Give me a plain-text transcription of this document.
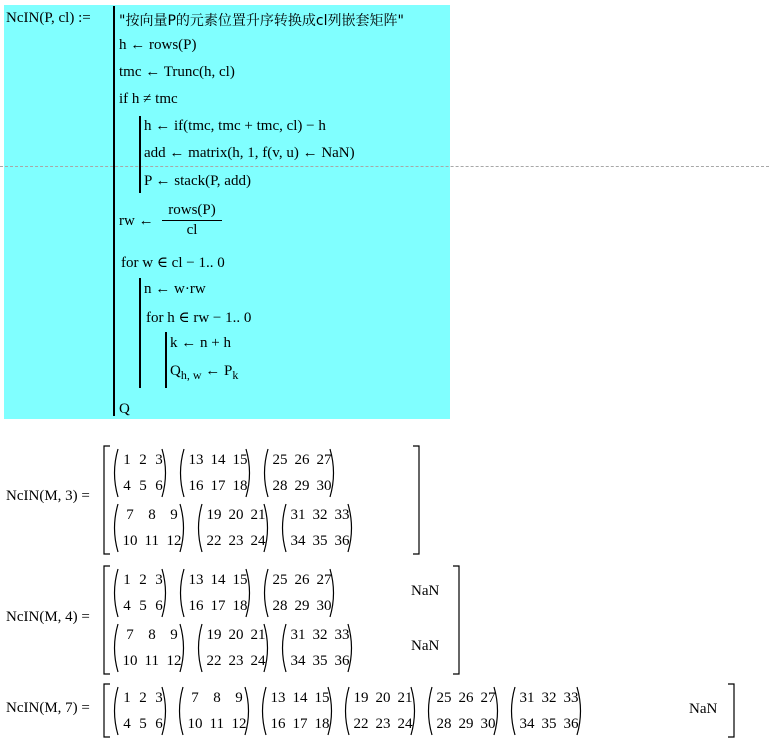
NcIN(P, cl) := "按向量P的元素位置升序转换成cl列嵌套矩阵"
h ← rows(P)
tmc ← Trunc(h, cl)
if h ≠ tmc
h ← if(tmc, tmc + tmc, cl) − h
add ← matrix(h, 1, f(v, u) ← NaN)
P ← stack(P, add)
rw ←
rows(P)
cl
for w ∈ cl − 1.. 0
n ← w·rw
for h ∈ rw − 1.. 0
k ← n + h
$Q_{h, w}$ ← $P_k$
Q
NcIN(M, 3) =
NcIN(M, 4) =
NcIN(M, 7) =
1 2 3
4 5 6
13 14 15
16 17 18
25 26 27
28 29 30
7 8 9
10 11 12
19 20 21
22 23 24
31 32 33
34 35 36
1 2 3
4 5 6
13 14 15
16 17 18
25 26 27
28 29 30
NaN
7 8 9
10 11 12
19 20 21
22 23 24
31 32 33
34 35 36
NaN
1 2 3
4 5 6
7 8 9
10 11 12
13 14 15
16 17 18
19 20 21
22 23 24
25 26 27
28 29 30
31 32 33
34 35 36
NaN
